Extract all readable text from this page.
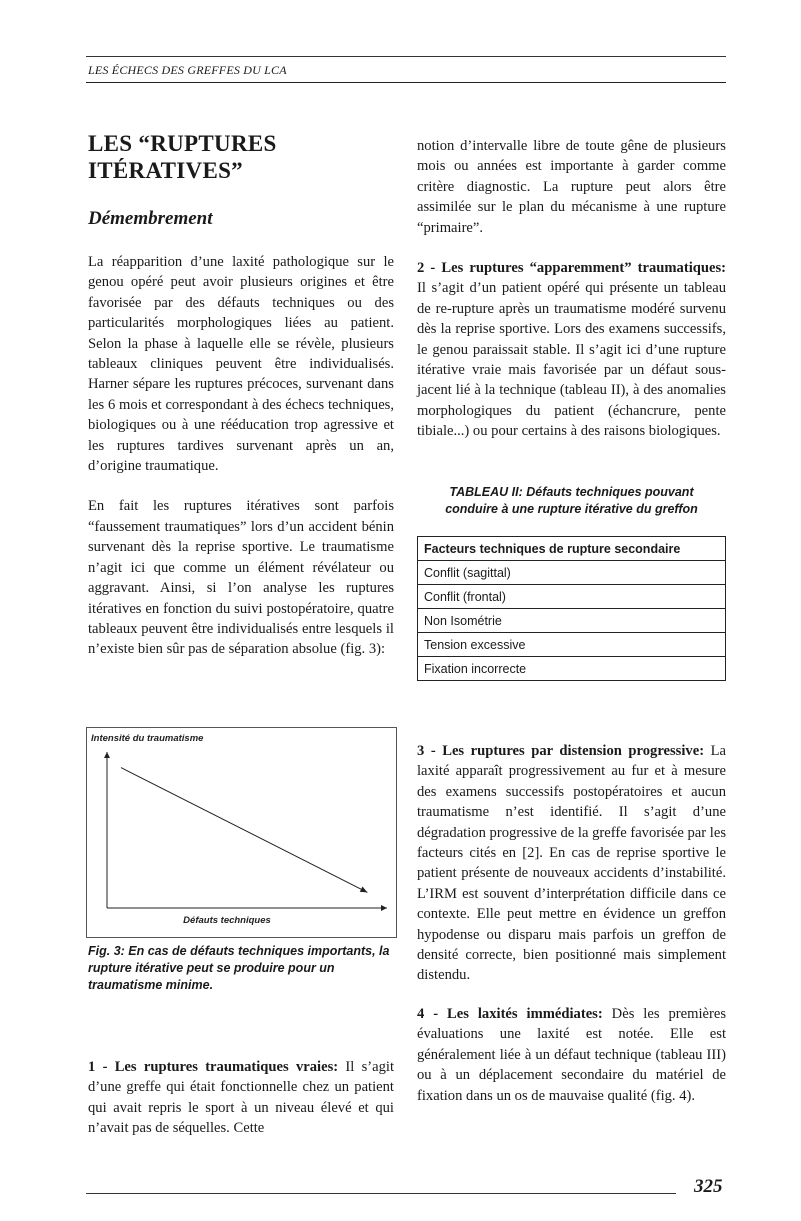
LES ÉCHECS DES GREFFES DU LCA
LES “RUPTURES
ITÉRATIVES”
Démembrement

La réapparition d’une laxité pathologique sur le genou opéré peut avoir plusieurs origines et être favorisée par des défauts techniques ou des particularités morphologiques liées au patient. Selon la phase à laquelle elle se révèle, plusieurs tableaux cliniques peuvent être individualisés. Harner sépare les ruptures précoces, survenant dans les 6 mois et correspondant à des échecs techniques, biologiques ou à une rééducation trop agressive et les ruptures tardives survenant après un an, d’origine traumatique.

En fait les ruptures itératives sont parfois “faussement traumatiques” lors d’un accident bénin survenant dès la reprise sportive. Le traumatisme n’agit ici que comme un élément révélateur ou aggravant. Ainsi, si l’on analyse les ruptures itératives en fonction du suivi postopératoire, quatre tableaux peuvent être individualisés entre lesquels il n’existe bien sûr pas de séparation absolue (fig. 3):

1 - Les ruptures traumatiques vraies: Il s’agit d’une greffe qui était fonctionnelle chez un patient qui avait repris le sport à un niveau élevé et qui n’avait pas de séquelles. Cette

notion d’intervalle libre de toute gêne de plusieurs mois ou années est importante à garder comme critère diagnostic. La rupture peut alors être assimilée sur le plan du mécanisme à une rupture “primaire”.

2 - Les ruptures “apparemment” traumatiques: Il s’agit d’un patient opéré qui présente un tableau de re-rupture après un traumatisme modéré survenu dès la reprise sportive. Lors des examens successifs, le genou paraissait stable. Il s’agit ici d’une rupture itérative vraie mais favorisée par un défaut sous-jacent lié à la technique (tableau II), à des anomalies morphologiques du patient (échancrure, pente tibiale...) ou pour certains à des raisons biologiques.

TABLEAU II: Défauts techniques pouvant
conduire à une rupture itérative du greffon
Facteurs techniques de rupture secondaire
Conflit (sagittal)
Conflit (frontal)
Non Isométrie
Tension excessive
Fixation incorrecte

3 - Les ruptures par distension progressive: La laxité apparaît progressivement au fur et à mesure des examens successifs postopératoires et aucun traumatisme n’est identifié. Il s’agit d’une dégradation progressive de la greffe favorisée par les facteurs cités en [2]. En cas de reprise sportive le patient présente de nouveaux accidents d’instabilité. L’IRM est souvent d’interprétation difficile dans ce contexte. Elle peut mettre en évidence un greffon hypodense ou disparu mais parfois un greffon de densité correcte, bien positionné mais simplement distendu.

4 - Les laxités immédiates: Dès les premières évaluations une laxité est notée. Elle est généralement liée à un défaut technique (tableau III) ou à un déplacement secondaire du matériel de fixation dans un os de mauvaise qualité (fig. 4).

Intensité du traumatisme
Défauts techniques
Fig. 3: En cas de défauts techniques importants, la rupture itérative peut se produire pour un traumatisme minime.
325
